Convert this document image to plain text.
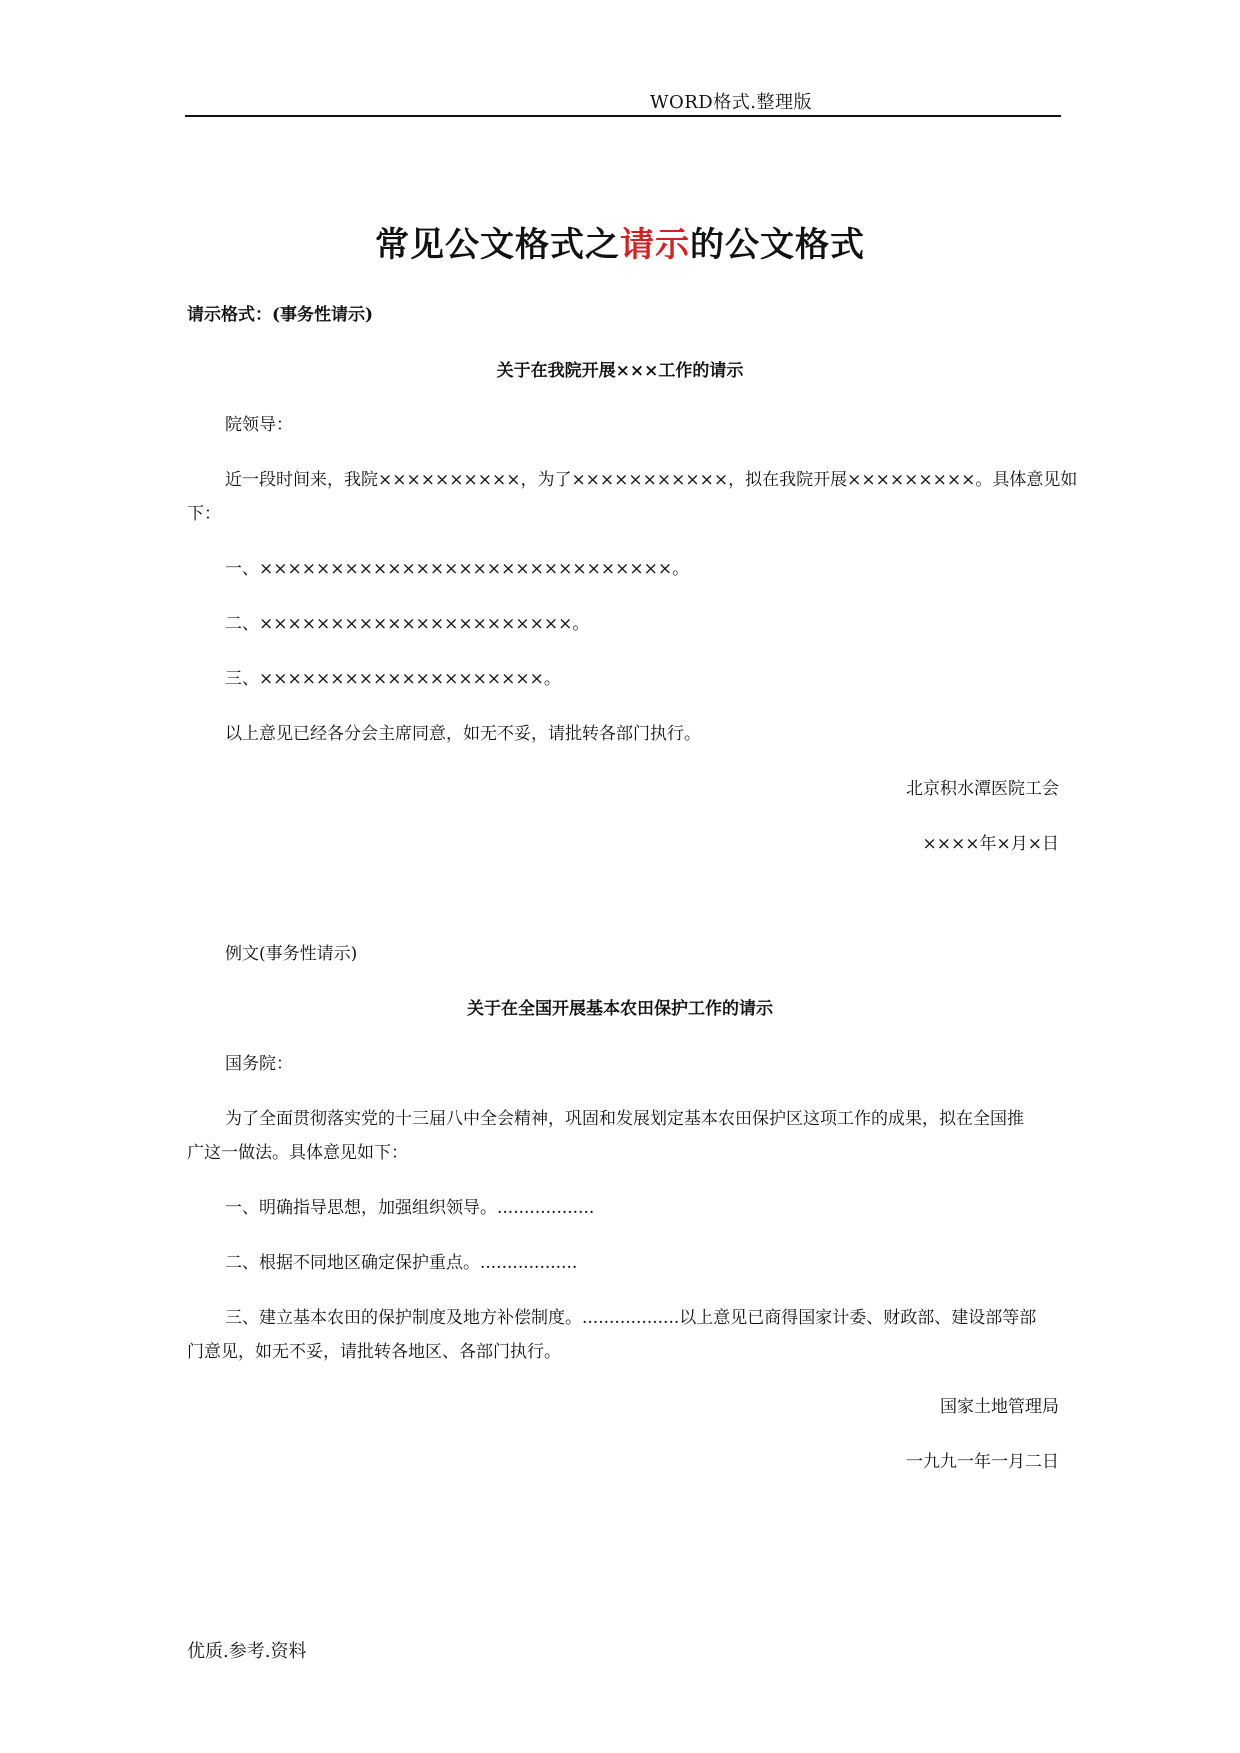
WORD格式.整理版
常见公文格式之请示的公文格式
请示格式：(事务性请示)
关于在我院开展×××工作的请示
院领导：
近一段时间来，我院××××××××××，为了×××××××××××，拟在我院开展×××××××××。具体意见如
下：
一、×××××××××××××××××××××××××××××。
二、××××××××××××××××××××××。
三、××××××××××××××××××××。
以上意见已经各分会主席同意，如无不妥，请批转各部门执行。
北京积水潭医院工会
××××年×月×日
例文(事务性请示)
关于在全国开展基本农田保护工作的请示
国务院：
为了全面贯彻落实党的十三届八中全会精神，巩固和发展划定基本农田保护区这项工作的成果，拟在全国推
广这一做法。具体意见如下：
一、明确指导思想，加强组织领导。..................
二、根据不同地区确定保护重点。..................
三、建立基本农田的保护制度及地方补偿制度。..................以上意见已商得国家计委、财政部、建设部等部
门意见，如无不妥，请批转各地区、各部门执行。
国家土地管理局
一九九一年一月二日
优质.参考.资料
